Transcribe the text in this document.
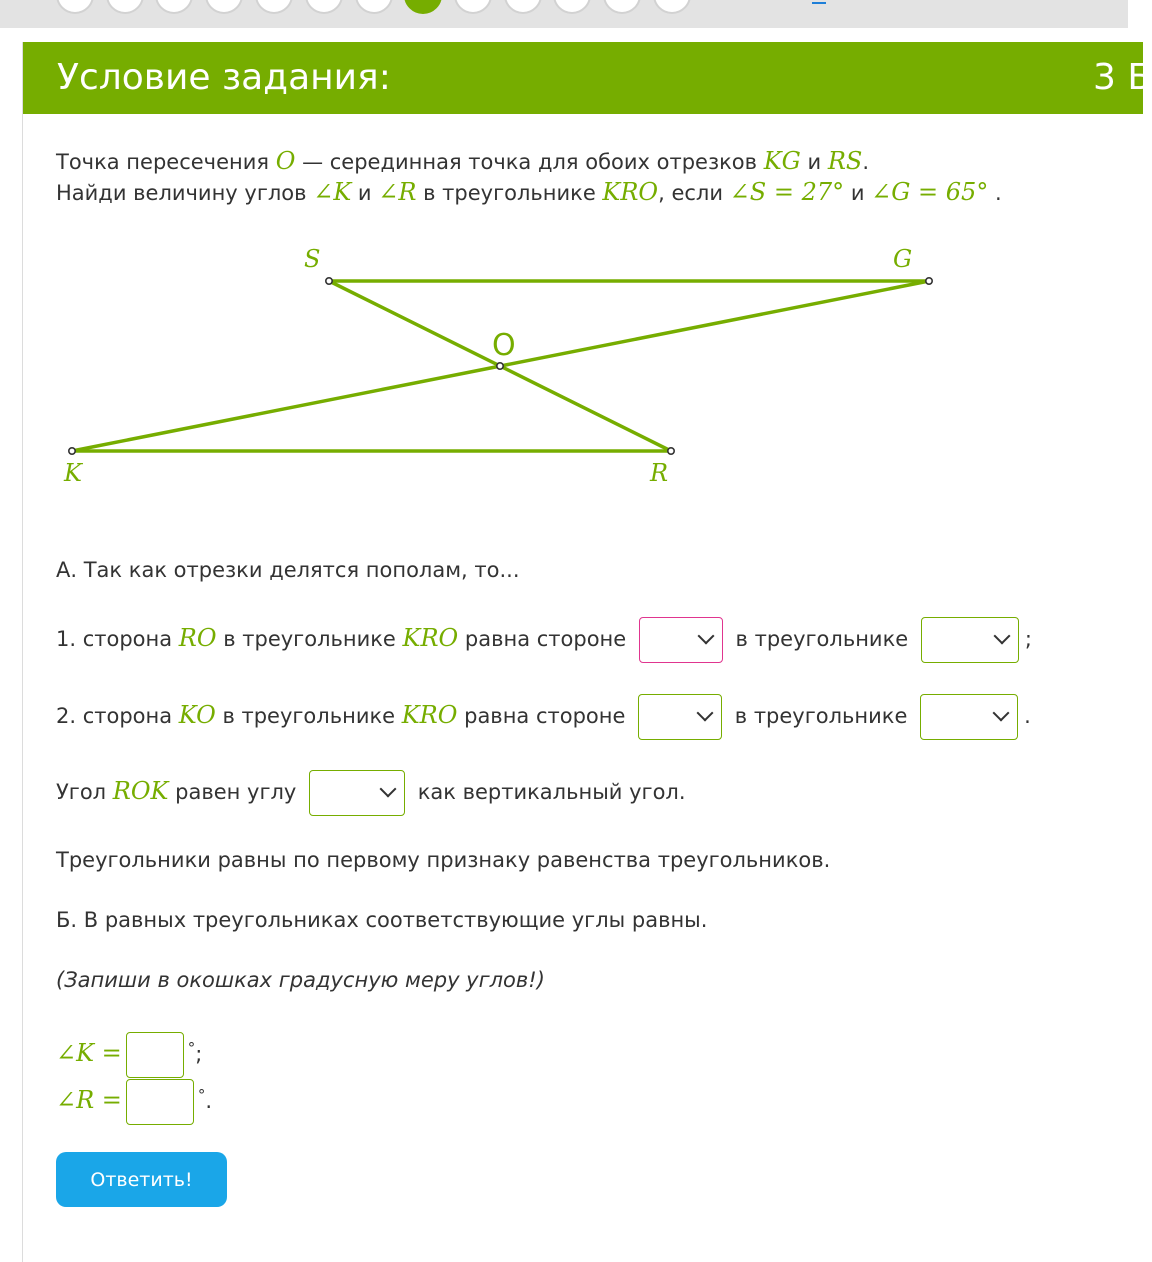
Условие задания:	3 Б
Точка пересечения O — серединная точка для обоих отрезков KG и RS.
Найди величину углов ∠K и ∠R в треугольнике KRO, если ∠S = 27° и ∠G = 65° .
S	G
O
K	R
А. Так как отрезки делятся пополам, то...
1. сторона RO в треугольнике KRO равна стороне	в треугольнике	;
2. сторона KO в треугольнике KRO равна стороне	в треугольнике	.
Угол ROK равен углу	как вертикальный угол.
Треугольники равны по первому признаку равенства треугольников.
Б. В равных треугольниках соответствующие углы равны.
(Запиши в окошках градусную меру углов!)
∠K =	°;
∠R =	°.
Ответить!
